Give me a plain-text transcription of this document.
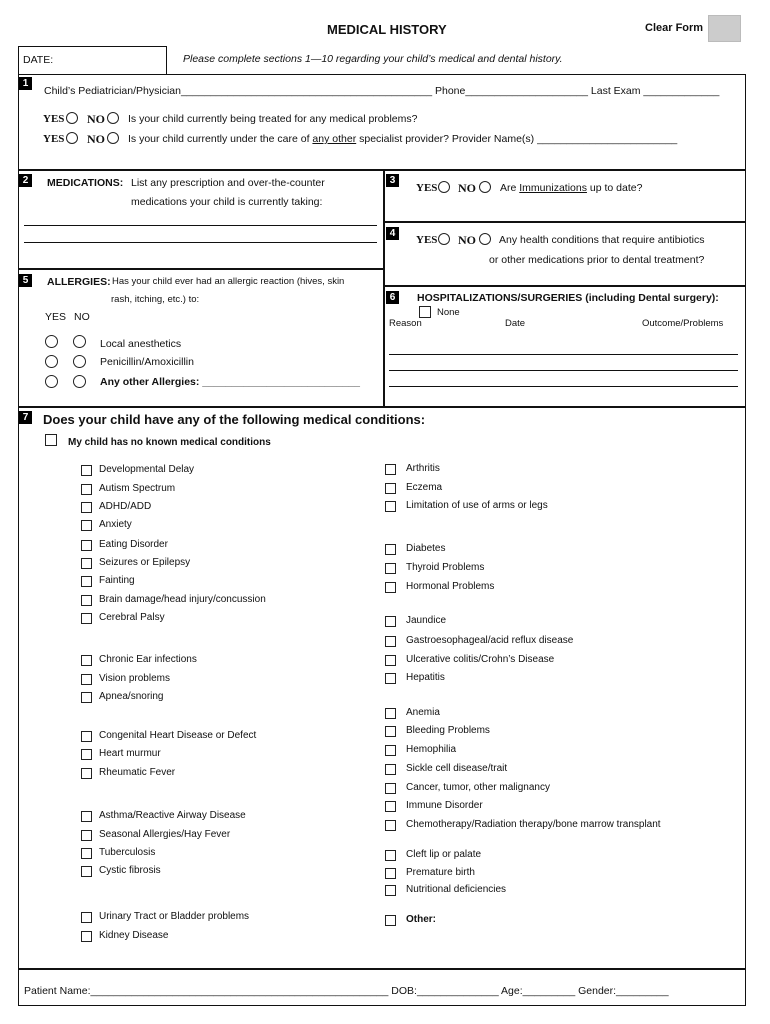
MEDICAL HISTORY	Clear Form
DATE:	Please complete sections 1—10 regarding your child’s medical and dental history.
1
Child’s Pediatrician/Physician___________________________________________ Phone_____________________ Last Exam _____________
YES NO Is your child currently being treated for any medical problems?
YES NO Is your child currently under the care of any other specialist provider? Provider Name(s) ________________________
2	MEDICATIONS: List any prescription and over-the-counter
medications your child is currently taking:
3
YES NO Are Immunizations up to date?
4
YES NO Any health conditions that require antibiotics
or other medications prior to dental treatment?
5	ALLERGIES: Has your child ever had an allergic reaction (hives, skin
rash, itching, etc.) to:
YES NO
Local anesthetics
Penicillin/Amoxicillin
Any other Allergies: ___________________________
6	HOSPITALIZATIONS/SURGERIES (including Dental surgery):
None
Reason	Date	Outcome/Problems
7 Does your child have any of the following medical conditions:
My child has no known medical conditions
Developmental Delay
Autism Spectrum
ADHD/ADD
Anxiety
Eating Disorder
Seizures or Epilepsy
Fainting
Brain damage/head injury/concussion
Cerebral Palsy
Chronic Ear infections
Vision problems
Apnea/snoring
Congenital Heart Disease or Defect
Heart murmur
Rheumatic Fever
Asthma/Reactive Airway Disease
Seasonal Allergies/Hay Fever
Tuberculosis
Cystic fibrosis
Urinary Tract or Bladder problems
Kidney Disease
Arthritis
Eczema
Limitation of use of arms or legs
Diabetes
Thyroid Problems
Hormonal Problems
Jaundice
Gastroesophageal/acid reflux disease
Ulcerative colitis/Crohn’s Disease
Hepatitis
Anemia
Bleeding Problems
Hemophilia
Sickle cell disease/trait
Cancer, tumor, other malignancy
Immune Disorder
Chemotherapy/Radiation therapy/bone marrow transplant
Cleft lip or palate
Premature birth
Nutritional deficiencies
Other:
Patient Name:___________________________________________________ DOB:______________ Age:_________ Gender:_________
